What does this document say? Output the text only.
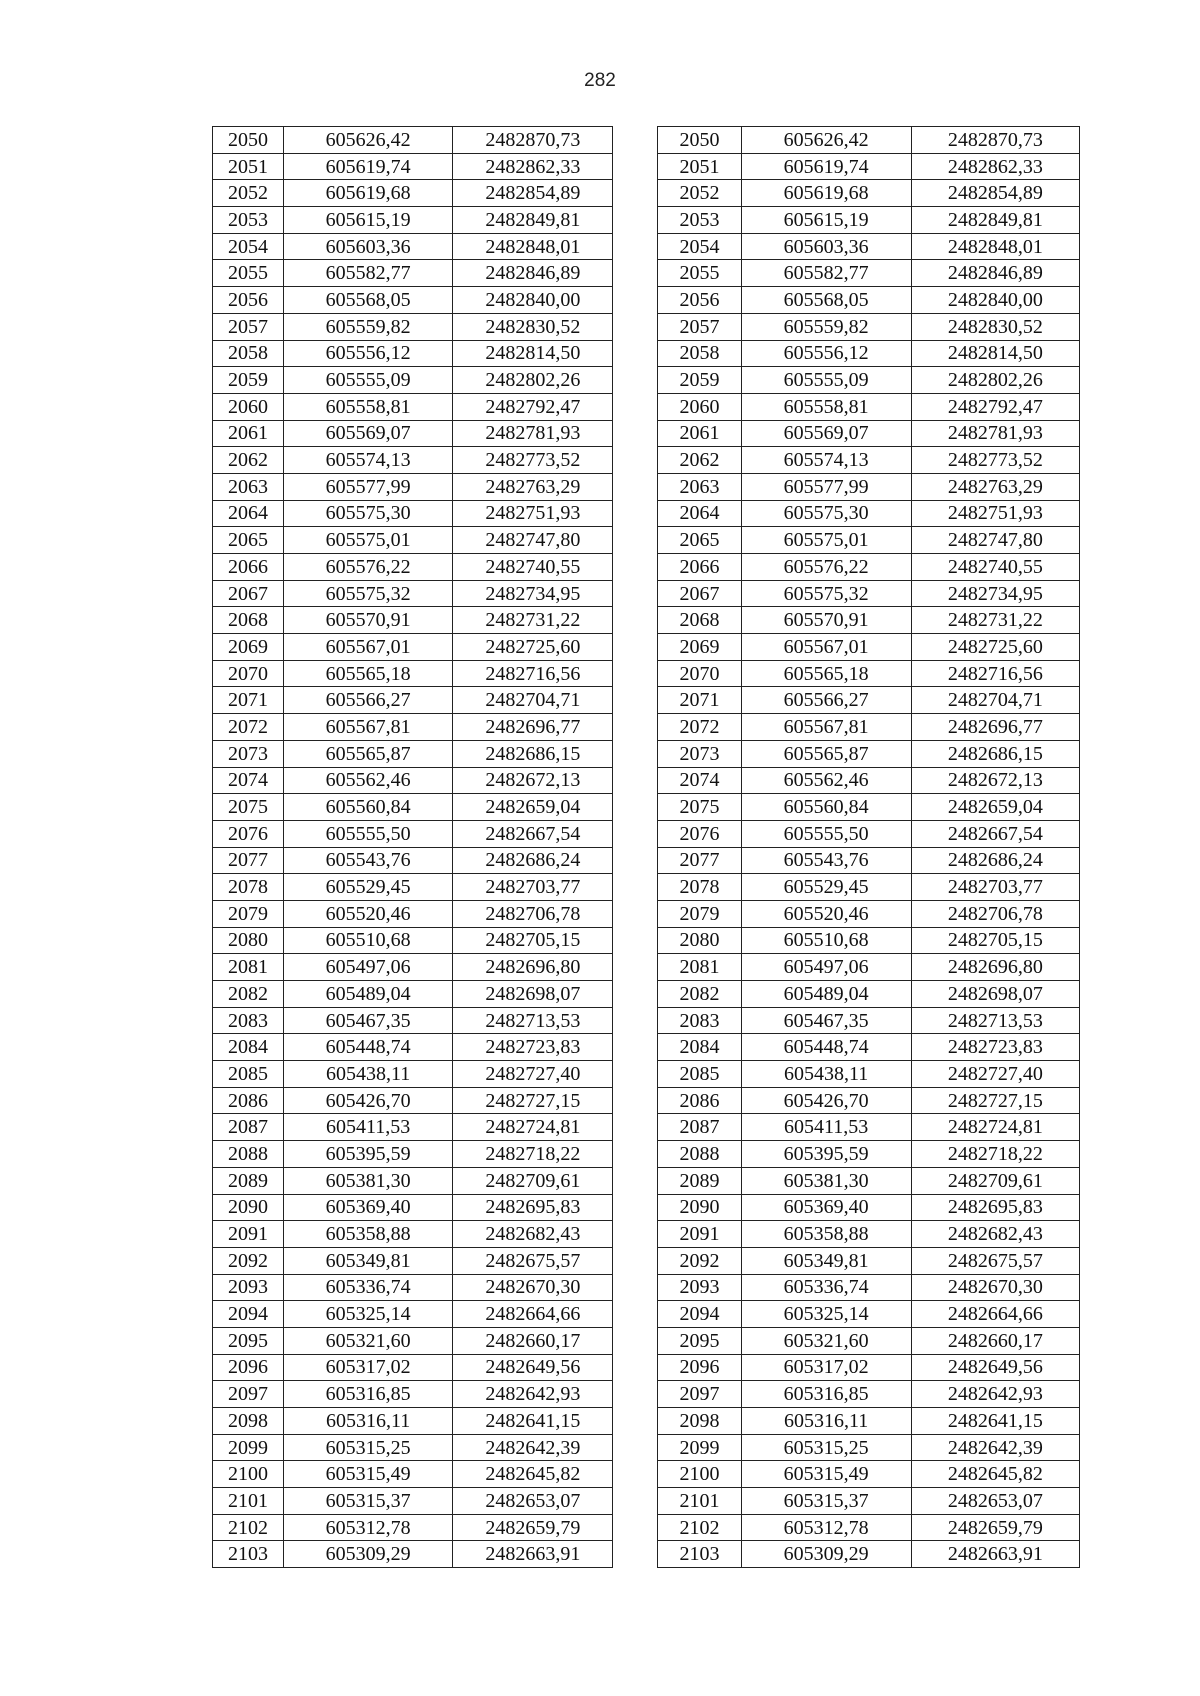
282
2050	605626,42	2482870,73		2050	605626,42	2482870,73
2051	605619,74	2482862,33		2051	605619,74	2482862,33
2052	605619,68	2482854,89		2052	605619,68	2482854,89
2053	605615,19	2482849,81		2053	605615,19	2482849,81
2054	605603,36	2482848,01		2054	605603,36	2482848,01
2055	605582,77	2482846,89		2055	605582,77	2482846,89
2056	605568,05	2482840,00		2056	605568,05	2482840,00
2057	605559,82	2482830,52		2057	605559,82	2482830,52
2058	605556,12	2482814,50		2058	605556,12	2482814,50
2059	605555,09	2482802,26		2059	605555,09	2482802,26
2060	605558,81	2482792,47		2060	605558,81	2482792,47
2061	605569,07	2482781,93		2061	605569,07	2482781,93
2062	605574,13	2482773,52		2062	605574,13	2482773,52
2063	605577,99	2482763,29		2063	605577,99	2482763,29
2064	605575,30	2482751,93		2064	605575,30	2482751,93
2065	605575,01	2482747,80		2065	605575,01	2482747,80
2066	605576,22	2482740,55		2066	605576,22	2482740,55
2067	605575,32	2482734,95		2067	605575,32	2482734,95
2068	605570,91	2482731,22		2068	605570,91	2482731,22
2069	605567,01	2482725,60		2069	605567,01	2482725,60
2070	605565,18	2482716,56		2070	605565,18	2482716,56
2071	605566,27	2482704,71		2071	605566,27	2482704,71
2072	605567,81	2482696,77		2072	605567,81	2482696,77
2073	605565,87	2482686,15		2073	605565,87	2482686,15
2074	605562,46	2482672,13		2074	605562,46	2482672,13
2075	605560,84	2482659,04		2075	605560,84	2482659,04
2076	605555,50	2482667,54		2076	605555,50	2482667,54
2077	605543,76	2482686,24		2077	605543,76	2482686,24
2078	605529,45	2482703,77		2078	605529,45	2482703,77
2079	605520,46	2482706,78		2079	605520,46	2482706,78
2080	605510,68	2482705,15		2080	605510,68	2482705,15
2081	605497,06	2482696,80		2081	605497,06	2482696,80
2082	605489,04	2482698,07		2082	605489,04	2482698,07
2083	605467,35	2482713,53		2083	605467,35	2482713,53
2084	605448,74	2482723,83		2084	605448,74	2482723,83
2085	605438,11	2482727,40		2085	605438,11	2482727,40
2086	605426,70	2482727,15		2086	605426,70	2482727,15
2087	605411,53	2482724,81		2087	605411,53	2482724,81
2088	605395,59	2482718,22		2088	605395,59	2482718,22
2089	605381,30	2482709,61		2089	605381,30	2482709,61
2090	605369,40	2482695,83		2090	605369,40	2482695,83
2091	605358,88	2482682,43		2091	605358,88	2482682,43
2092	605349,81	2482675,57		2092	605349,81	2482675,57
2093	605336,74	2482670,30		2093	605336,74	2482670,30
2094	605325,14	2482664,66		2094	605325,14	2482664,66
2095	605321,60	2482660,17		2095	605321,60	2482660,17
2096	605317,02	2482649,56		2096	605317,02	2482649,56
2097	605316,85	2482642,93		2097	605316,85	2482642,93
2098	605316,11	2482641,15		2098	605316,11	2482641,15
2099	605315,25	2482642,39		2099	605315,25	2482642,39
2100	605315,49	2482645,82		2100	605315,49	2482645,82
2101	605315,37	2482653,07		2101	605315,37	2482653,07
2102	605312,78	2482659,79		2102	605312,78	2482659,79
2103	605309,29	2482663,91		2103	605309,29	2482663,91
